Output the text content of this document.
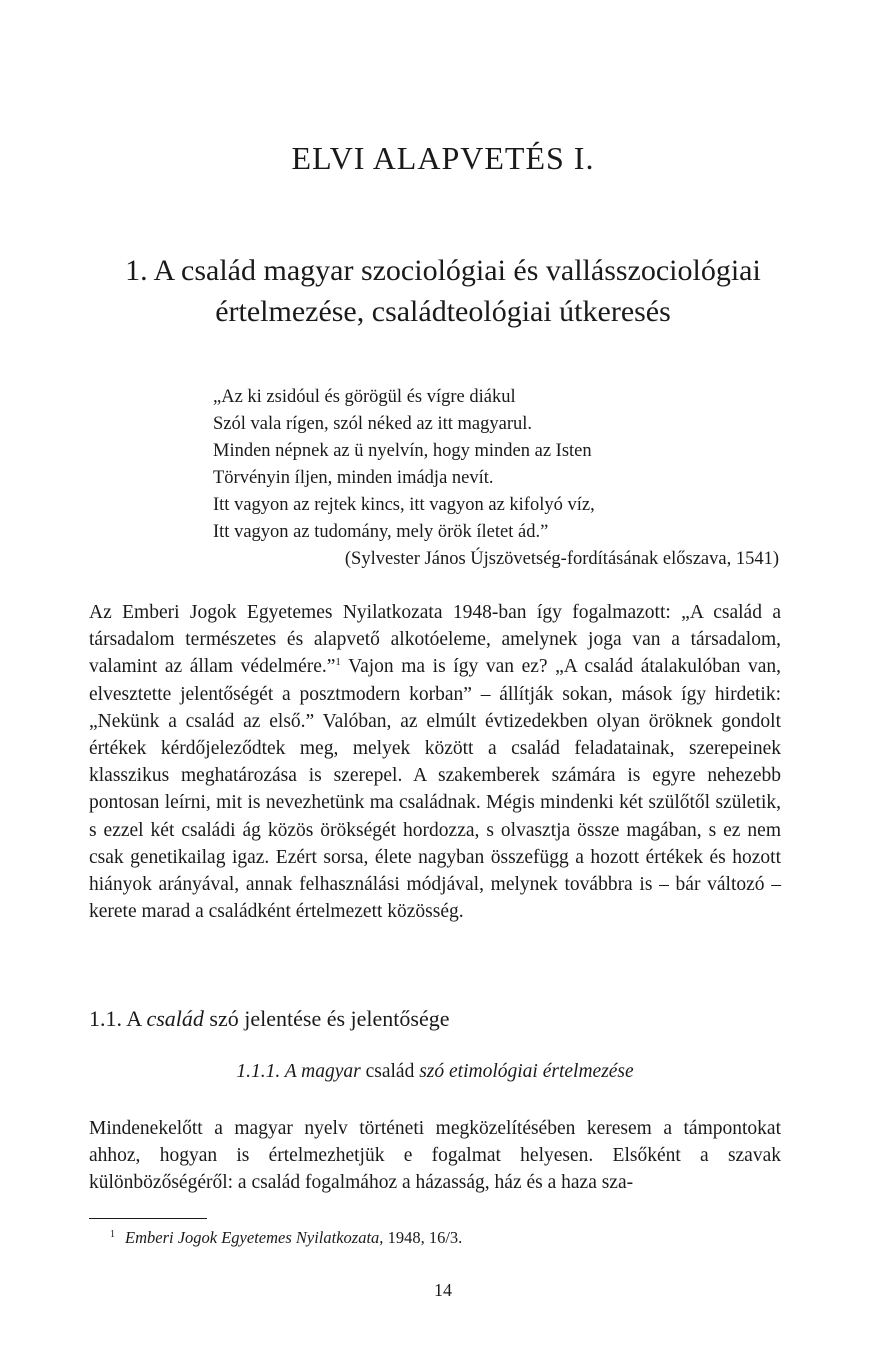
ELVI ALAPVETÉS I.
1. A család magyar szociológiai és vallásszociológiai
értelmezése, családteológiai útkeresés
„Az ki zsidóul és görögül és vígre diákul
Szól vala rígen, szól néked az itt magyarul.
Minden népnek az ü nyelvín, hogy minden az Isten
Törvényin íljen, minden imádja nevít.
Itt vagyon az rejtek kincs, itt vagyon az kifolyó víz,
Itt vagyon az tudomány, mely örök íletet ád.”
(Sylvester János Újszövetség-fordításának előszava, 1541)

Az Emberi Jogok Egyetemes Nyilatkozata 1948-ban így fogalmazott: „A család a társadalom természetes és alapvető alkotóeleme, amelynek joga van a társadalom, valamint az állam védelmére.”$^1$ Vajon ma is így van ez? „A család átalakulóban van, elvesztette jelentőségét a posztmodern korban” – állítják sokan, mások így hirdetik: „Nekünk a család az első.” Valóban, az elmúlt évtizedekben olyan öröknek gondolt értékek kérdőjeleződtek meg, melyek között a család feladatainak, szerepeinek klasszikus meghatározása is szerepel. A szakemberek számára is egyre nehezebb pontosan leírni, mit is nevezhetünk ma családnak. Mégis mindenki két szülőtől születik, s ezzel két családi ág közös örökségét hordozza, s olvasztja össze magában, s ez nem csak genetikailag igaz. Ezért sorsa, élete nagyban összefügg a hozott értékek és hozott hiányok arányával, annak felhasználási módjával, melynek továbbra is – bár változó – kerete marad a családként értelmezett közösség.

1.1. A család szó jelentése és jelentősége
1.1.1. A magyar család szó etimológiai értelmezése

Mindenekelőtt a magyar nyelv történeti megközelítésében keresem a támpontokat ahhoz, hogyan is értelmezhetjük e fogalmat helyesen. Elsőként a szavak különbözőségéről: a család fogalmához a házasság, ház és a haza sza-

$^1$ Emberi Jogok Egyetemes Nyilatkozata, 1948, 16/3.
14
